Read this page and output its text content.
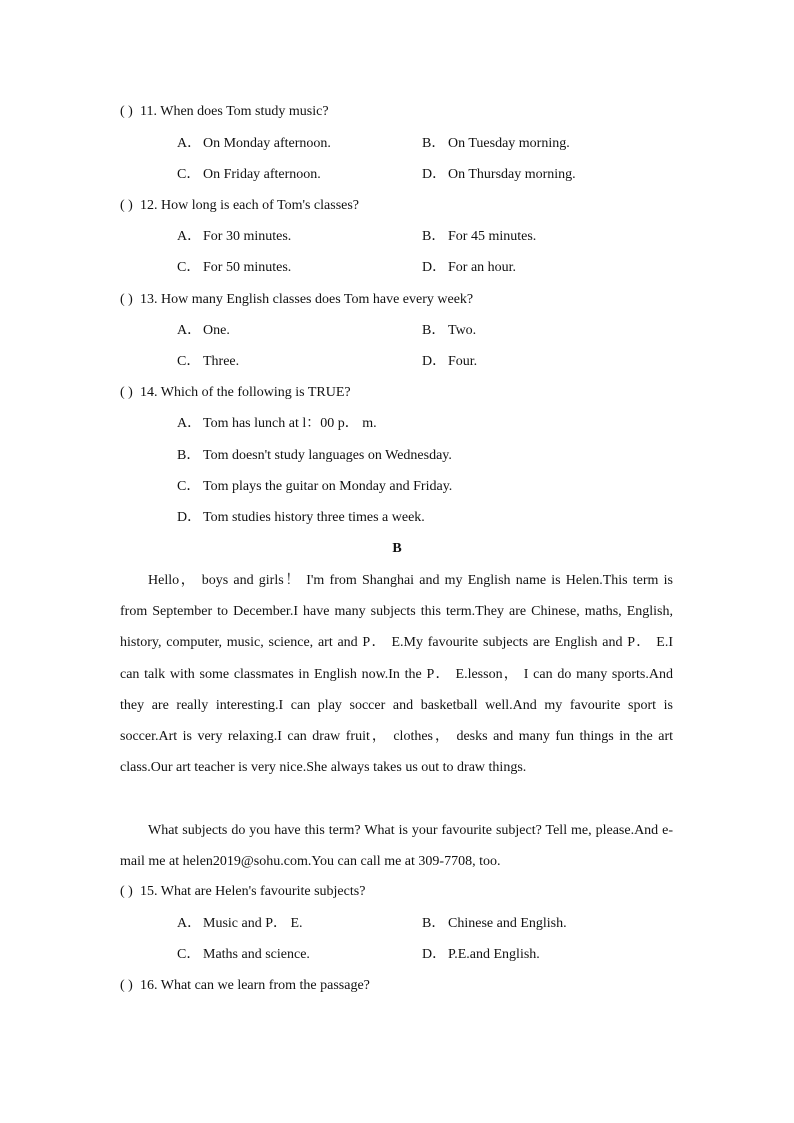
( ) 11. When does Tom study music?
A． On Monday afternoon.	B． On Tuesday morning.
C． On Friday afternoon.	D． On Thursday morning.
( ) 12. How long is each of Tom's classes?
A． For 30 minutes.	B． For 45 minutes.
C． For 50 minutes.	D． For an hour.
( ) 13. How many English classes does Tom have every week?
A． One.	B． Two.
C． Three.	D． Four.
( ) 14. Which of the following is TRUE?
A． Tom has lunch at l：00 p． m.
B． Tom doesn't study languages on Wednesday.
C． Tom plays the guitar on Monday and Friday.
D． Tom studies history three times a week.
B

Hello， boys and girls！ I'm from Shanghai and my English name is Helen.This term is from September to December.I have many subjects this term.They are Chinese, maths, English, history, computer, music, science, art and P． E.My favourite subjects are English and P． E.I can talk with some classmates in English now.In the P． E.lesson， I can do many sports.And they are really interesting.I can play soccer and basketball well.And my favourite sport is soccer.Art is very relaxing.I can draw fruit， clothes， desks and many fun things in the art class.Our art teacher is very nice.She always takes us out to draw things.

What subjects do you have this term? What is your favourite subject? Tell me, please.And e-mail me at helen2019@sohu.com.You can call me at 309-7708, too.

( ) 15. What are Helen's favourite subjects?
A． Music and P． E.	B． Chinese and English.
C． Maths and science.	D． P.E.and English.
( ) 16. What can we learn from the passage?
